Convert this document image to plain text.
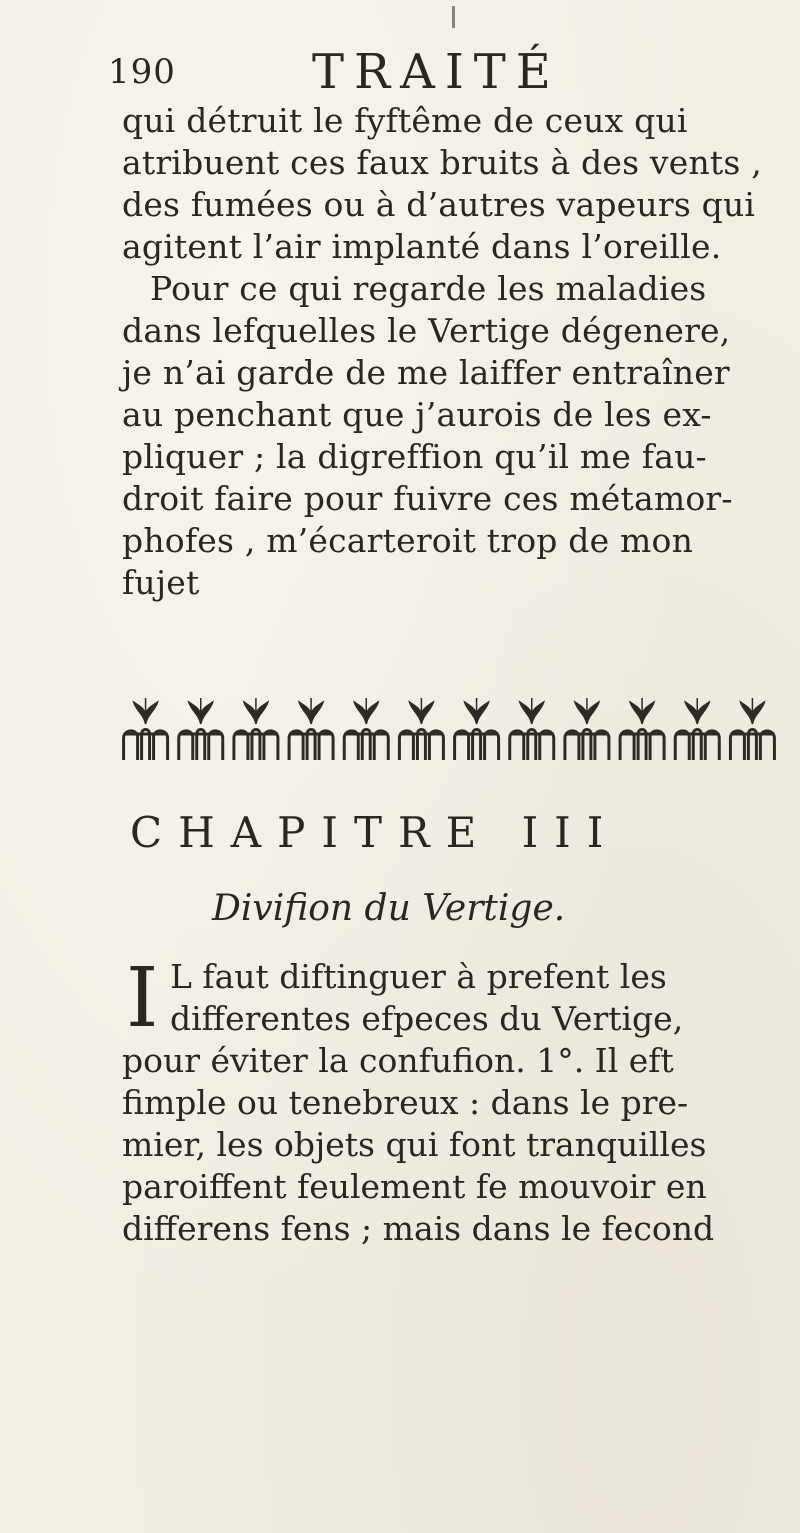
190	TRAITÉ
qui détruit le fyftême de ceux qui
atribuent ces faux bruits à des vents ,
des fumées ou à d’autres vapeurs qui
agitent l’air implanté dans l’oreille.
Pour ce qui regarde les maladies
dans lefquelles le Vertige dégenere,
je n’ai garde de me laiffer entraîner
au penchant que j’aurois de les ex-
pliquer ; la digreffion qu’il me fau-
droit faire pour fuivre ces métamor-
phofes , m’écarteroit trop de mon
fujet
CHAPITRE III
Divifion du Vertige.
I L faut diftinguer à prefent les
differentes efpeces du Vertige,
pour éviter la confufion. 1°. Il eft
fimple ou tenebreux : dans le pre-
mier, les objets qui font tranquilles
paroiffent feulement fe mouvoir en
differens fens ; mais dans le fecond
